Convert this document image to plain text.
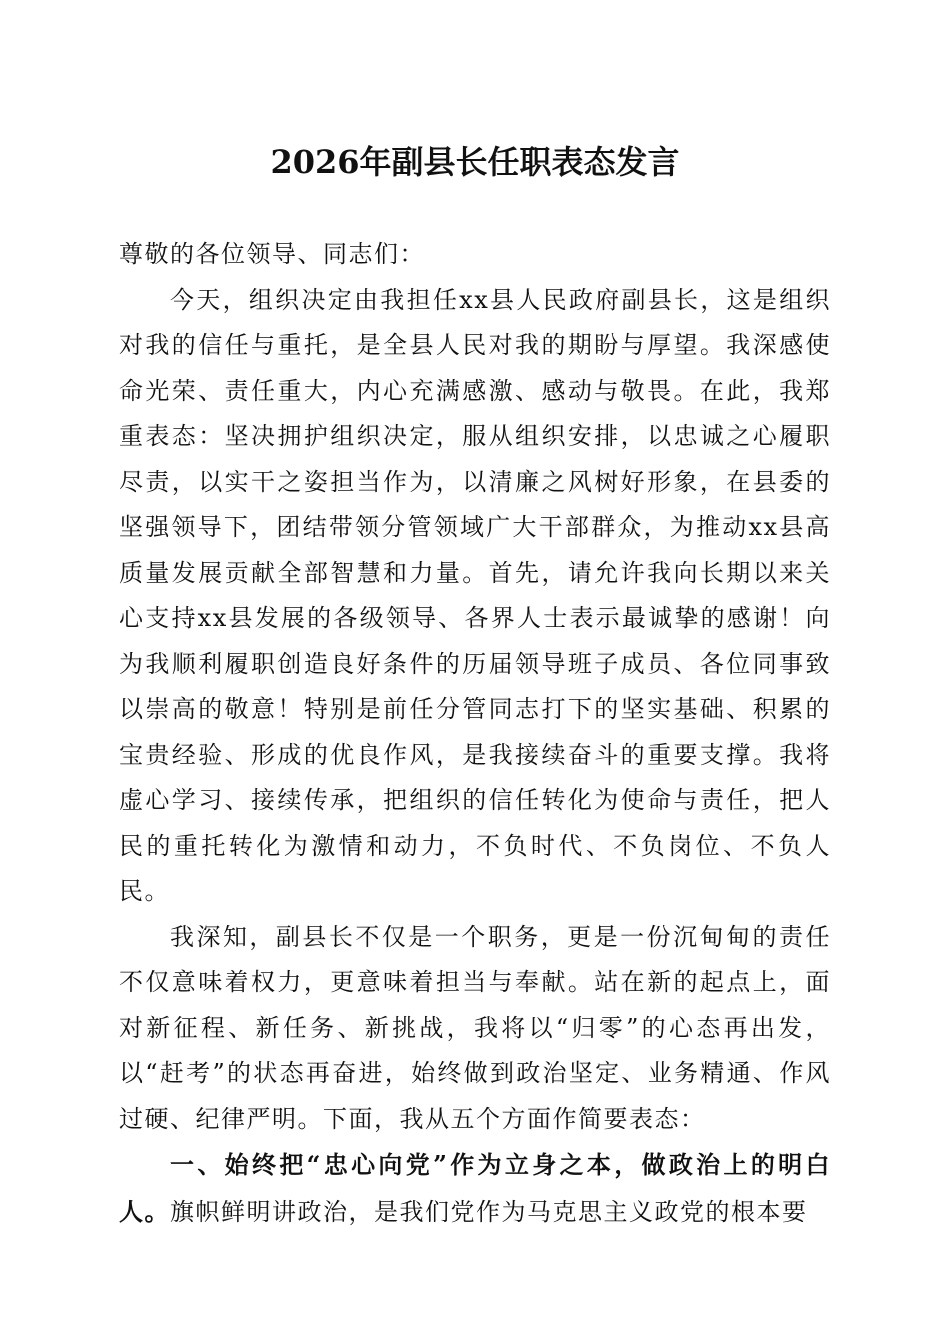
2026年副县长任职表态发言

尊敬的各位领导、同志们：

今天，组织决定由我担任xx县人民政府副县长，这是组织对我的信任与重托，是全县人民对我的期盼与厚望。我深感使命光荣、责任重大，内心充满感激、感动与敬畏。在此，我郑重表态：坚决拥护组织决定，服从组织安排，以忠诚之心履职尽责，以实干之姿担当作为，以清廉之风树好形象，在县委的坚强领导下，团结带领分管领域广大干部群众，为推动xx县高质量发展贡献全部智慧和力量。首先，请允许我向长期以来关心支持xx县发展的各级领导、各界人士表示最诚挚的感谢！向为我顺利履职创造良好条件的历届领导班子成员、各位同事致以崇高的敬意！特别是前任分管同志打下的坚实基础、积累的宝贵经验、形成的优良作风，是我接续奋斗的重要支撑。我将虚心学习、接续传承，把组织的信任转化为使命与责任，把人民的重托转化为激情和动力，不负时代、不负岗位、不负人民。

我深知，副县长不仅是一个职务，更是一份沉甸甸的责任不仅意味着权力，更意味着担当与奉献。站在新的起点上，面对新征程、新任务、新挑战，我将以“归零”的心态再出发，以“赶考”的状态再奋进，始终做到政治坚定、业务精通、作风过硬、纪律严明。下面，我从五个方面作简要表态：

一、始终把“忠心向党”作为立身之本，做政治上的明白人。旗帜鲜明讲政治，是我们党作为马克思主义政党的根本要
